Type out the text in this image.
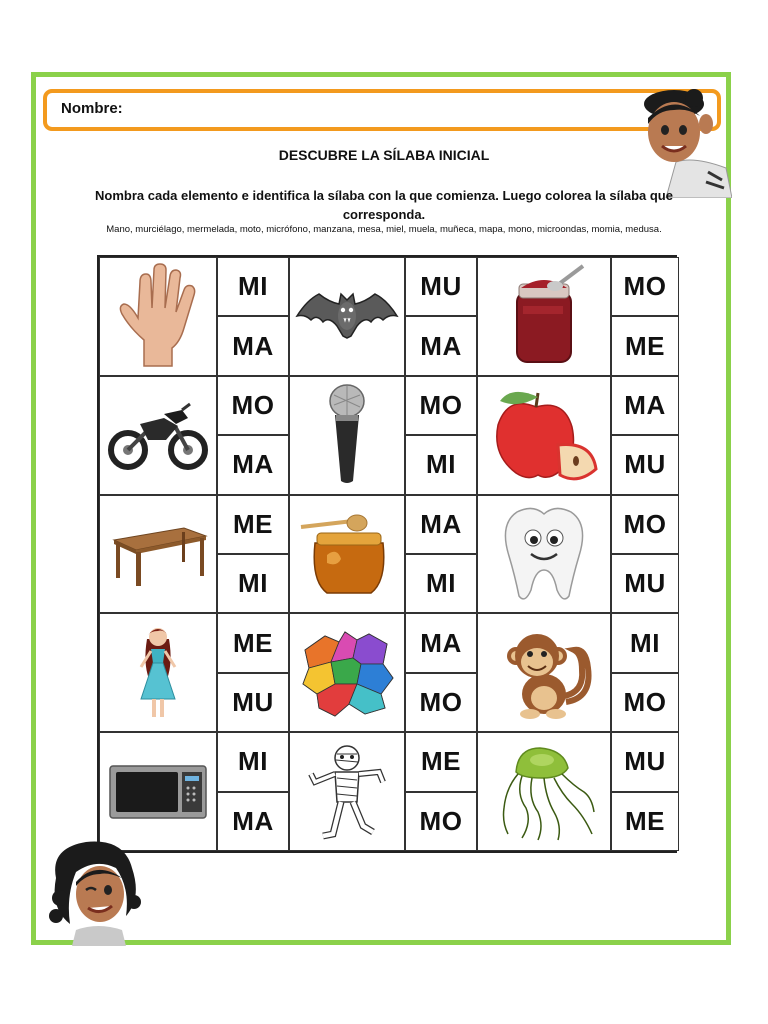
Nombre:
DESCUBRE LA SÍLABA INICIAL
Nombra cada elemento e identifica la sílaba con la que comienza. Luego colorea la sílaba que corresponda.
Mano, murciélago, mermelada, moto, micrófono, manzana, mesa, miel, muela, muñeca, mapa, mono, microondas, momia, medusa.
MI
MA
MU
MA
MO
ME
MO
MA
MO
MI
MA
MU
ME
MI
MA
MI
MO
MU
ME
MU
MA
MO
MI
MO
MI
MA
ME
MO
MU
ME
